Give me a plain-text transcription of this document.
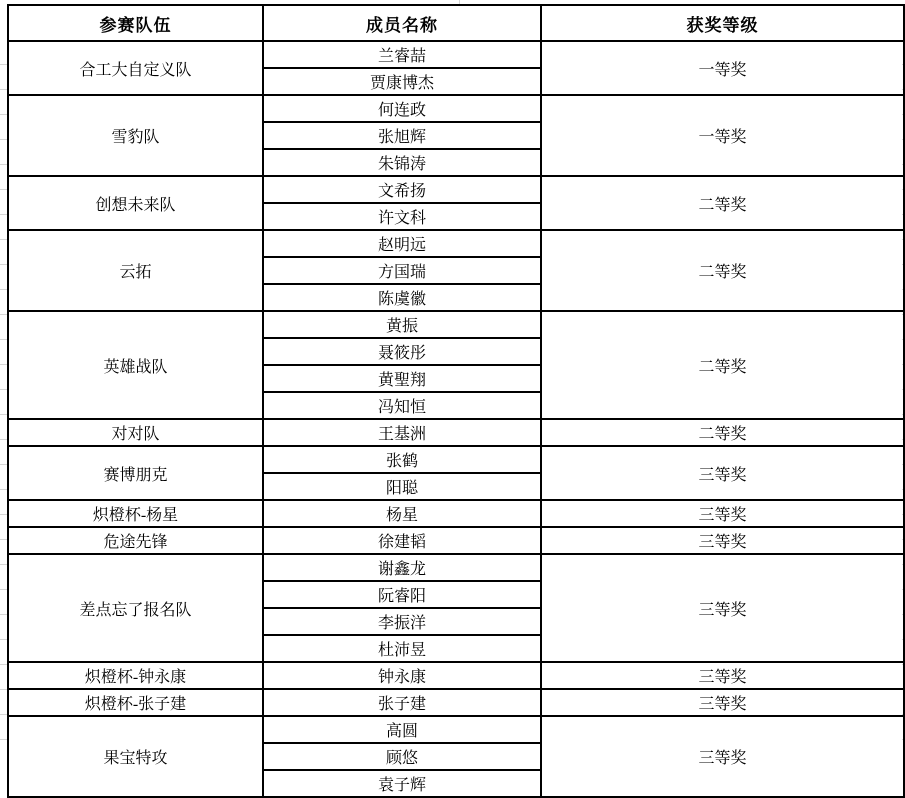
参赛队伍	成员名称	获奖等级
合工大自定义队	兰睿喆	一等奖
	贾康博杰	
雪豹队	何连政	一等奖
	张旭辉	
	朱锦涛	
创想未来队	文希扬	二等奖
	许文科	
云拓	赵明远	二等奖
	方国瑞	
	陈虞徽	
英雄战队	黄振	二等奖
	聂筱彤	
	黄聖翔	
	冯知恒	
对对队	王基洲	二等奖
赛博朋克	张鹤	三等奖
	阳聪	
炽橙杯-杨星	杨星	三等奖
危途先锋	徐建韬	三等奖
差点忘了报名队	谢鑫龙	三等奖
	阮睿阳	
	李振洋	
	杜沛昱	
炽橙杯-钟永康	钟永康	三等奖
炽橙杯-张子建	张子建	三等奖
果宝特攻	高圆	三等奖
	顾悠	
	袁子辉	
